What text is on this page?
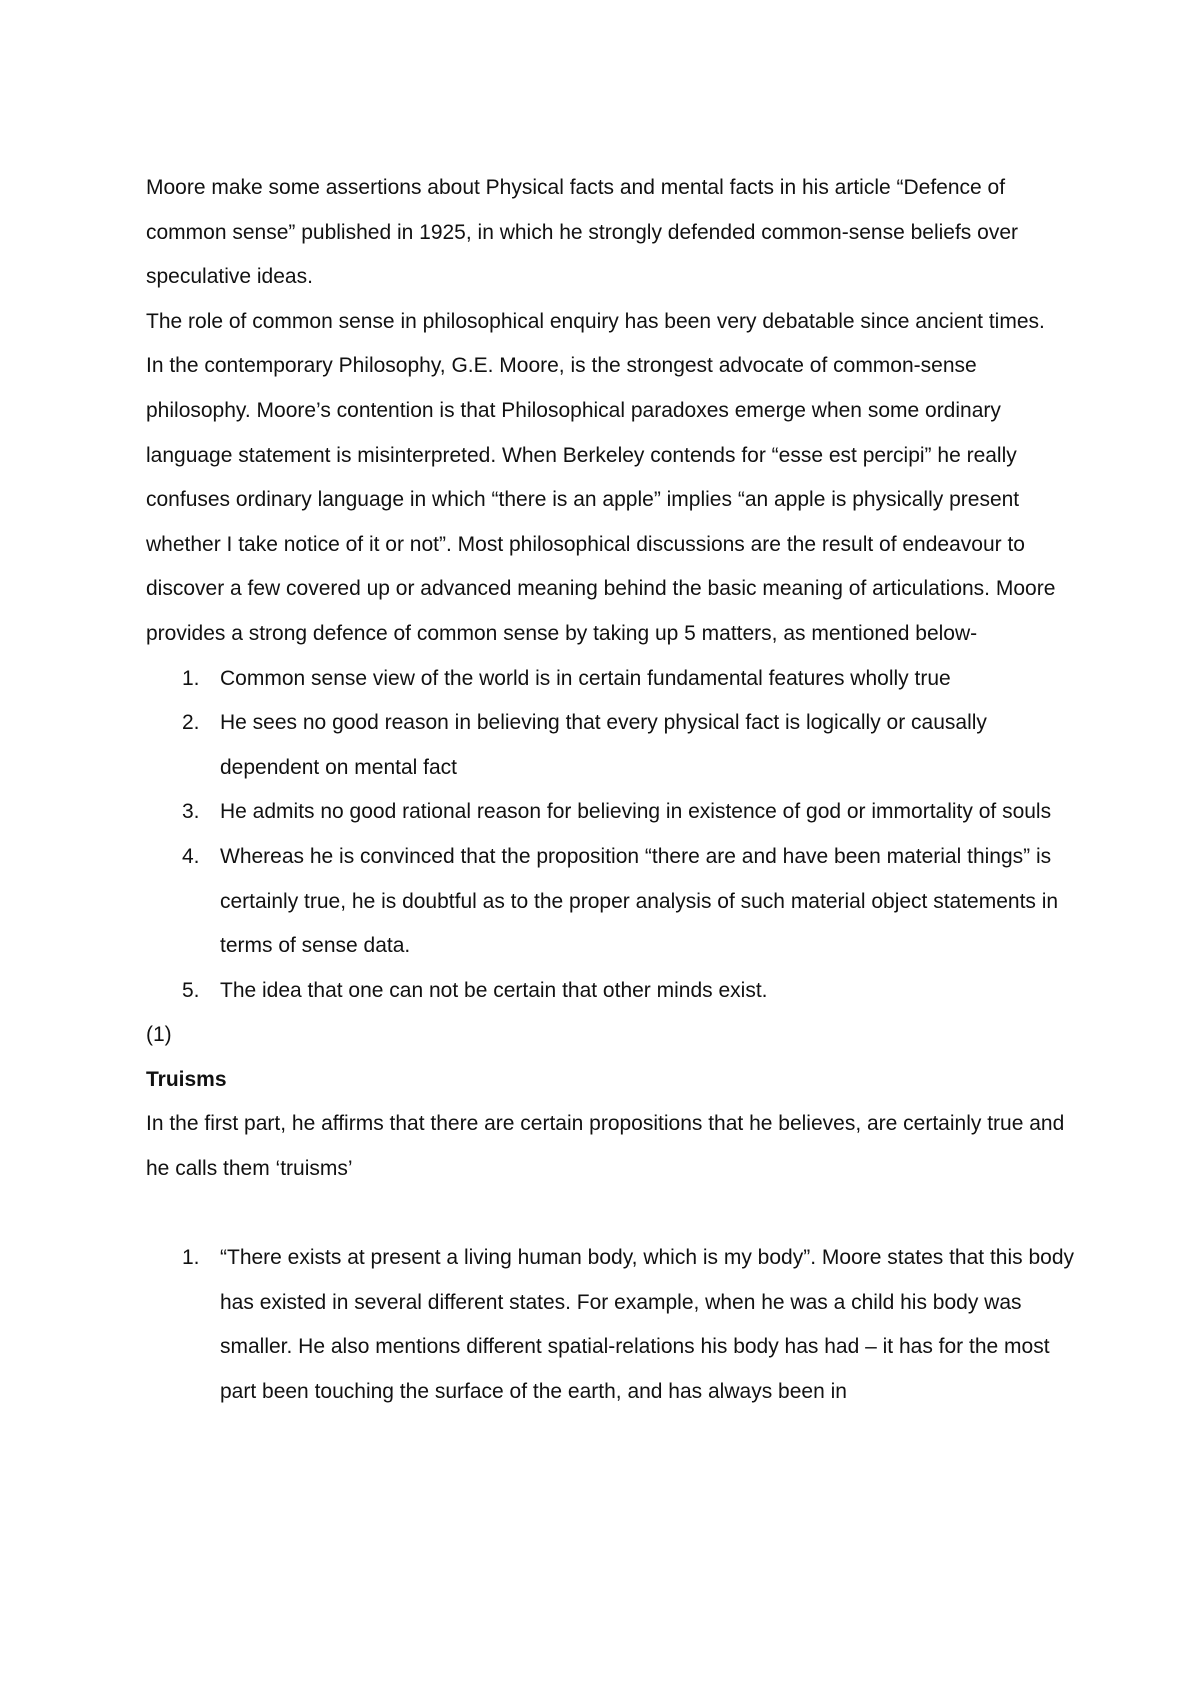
Moore make some assertions about Physical facts and mental facts in his article “Defence of common sense” published in 1925, in which he strongly defended common-sense beliefs over speculative ideas.

The role of common sense in philosophical enquiry has been very debatable since ancient times.

In the contemporary Philosophy, G.E. Moore, is the strongest advocate of common-sense philosophy. Moore’s contention is that Philosophical paradoxes emerge when some ordinary language statement is misinterpreted. When Berkeley contends for “esse est percipi” he really confuses ordinary language in which “there is an apple” implies “an apple is physically present whether I take notice of it or not”. Most philosophical discussions are the result of endeavour to discover a few covered up or advanced meaning behind the basic meaning of articulations. Moore provides a strong defence of common sense by taking up 5 matters, as mentioned below-

1. Common sense view of the world is in certain fundamental features wholly true
2. He sees no good reason in believing that every physical fact is logically or causally dependent on mental fact
3. He admits no good rational reason for believing in existence of god or immortality of souls
4. Whereas he is convinced that the proposition “there are and have been material things” is certainly true, he is doubtful as to the proper analysis of such material object statements in terms of sense data.
5. The idea that one can not be certain that other minds exist.

(1)

Truisms

In the first part, he affirms that there are certain propositions that he believes, are certainly true and he calls them ‘truisms’

1. “There exists at present a living human body, which is my body”. Moore states that this body has existed in several different states. For example, when he was a child his body was smaller. He also mentions different spatial-relations his body has had – it has for the most part been touching the surface of the earth, and has always been in
